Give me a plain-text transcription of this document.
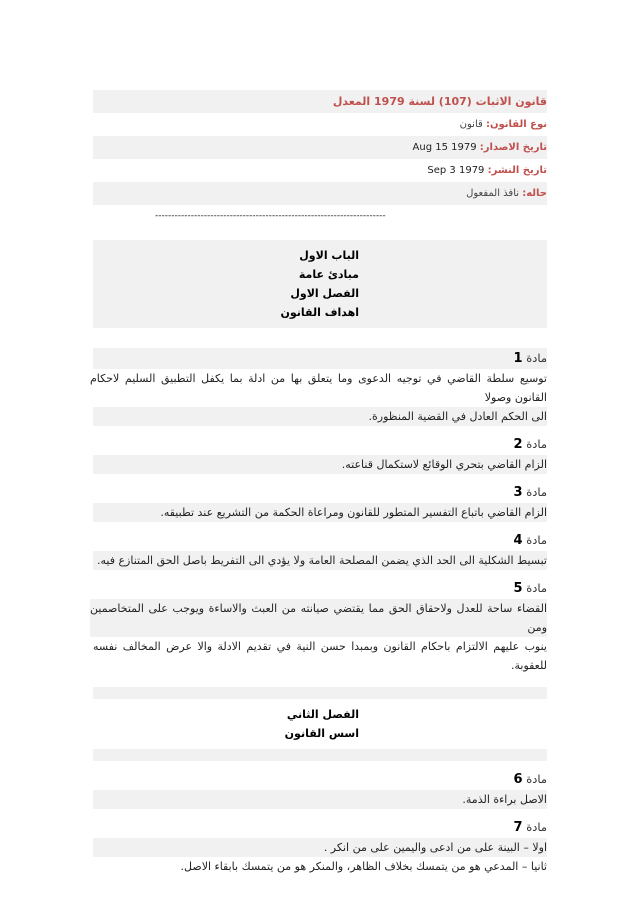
قانون الاثبات (107) لسنة 1979 المعدل
نوع القانون: قانون
تاريخ الاصدار: Aug 15 1979
تاريخ النشر: Sep 3 1979
حاله: نافذ المفعول
-----------------------------------------------------------------------
الباب الاول
مبادئ عامة
الفصل الاول
اهداف القانون
مادة 1
توسيع سلطة القاضي في توجيه الدعوى وما يتعلق بها من ادلة بما يكفل التطبيق السليم لاحكام القانون وصولا
الى الحكم العادل في القضية المنظورة.
مادة 2
الزام القاضي بتحري الوقائع لاستكمال قناعته.
مادة 3
الزام القاضي باتباع التفسير المتطور للقانون ومراعاة الحكمة من التشريع عند تطبيقه.
مادة 4
تبسيط الشكلية الى الحد الذي يضمن المصلحة العامة ولا يؤدي الى التفريط باصل الحق المتنازع فيه.
مادة 5
القضاء ساحة للعدل ولاحقاق الحق مما يقتضي صيانته من العبث والاساءة ويوجب على المتخاصمين ومن
ينوب عليهم الالتزام باحكام القانون وبمبدا حسن النية في تقديم الادلة والا عرض المخالف نفسه للعقوبة.
الفصل الثاني
اسس القانون
مادة 6
الاصل براءة الذمة.
مادة 7
اولا – البينة على من ادعى واليمين على من انكر .
ثانيا – المدعي هو من يتمسك بخلاف الظاهر، والمنكر هو من يتمسك بابقاء الاصل.
